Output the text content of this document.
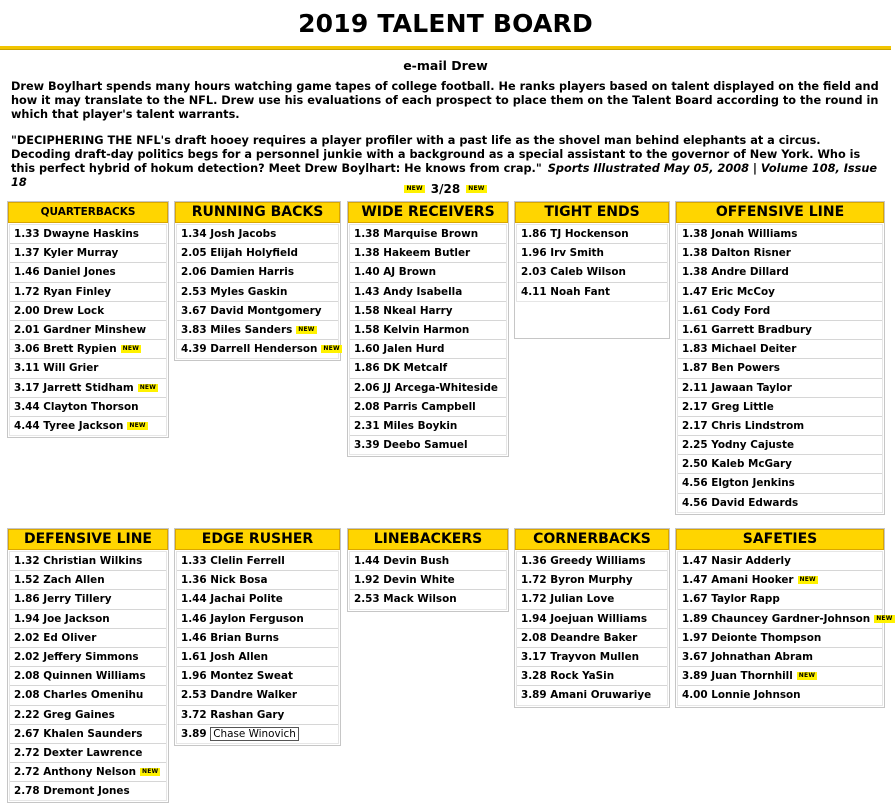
2019 TALENT BOARD
e-mail Drew
Drew Boylhart spends many hours watching game tapes of college football. He ranks players based on talent displayed on the field and how it may translate to the NFL. Drew use his evaluations of each prospect to place them on the Talent Board according to the round in which that player's talent warrants.
"DECIPHERING THE NFL's draft hooey requires a player profiler with a past life as the shovel man behind elephants at a circus. Decoding draft-day politics begs for a personnel junkie with a background as a special assistant to the governor of New York. Who is this perfect hybrid of hokum detection? Meet Drew Boylhart: He knows from crap." Sports Illustrated May 05, 2008 | Volume 108, Issue 18	NEW 3/28 NEW
QUARTERBACKS
1.33 Dwayne Haskins
1.37 Kyler Murray
1.46 Daniel Jones
1.72 Ryan Finley
2.00 Drew Lock
2.01 Gardner Minshew
3.06 Brett Rypien NEW
3.11 Will Grier
3.17 Jarrett Stidham NEW
3.44 Clayton Thorson
4.44 Tyree Jackson NEW
RUNNING BACKS
1.34 Josh Jacobs
2.05 Elijah Holyfield
2.06 Damien Harris
2.53 Myles Gaskin
3.67 David Montgomery
3.83 Miles Sanders NEW
4.39 Darrell Henderson NEW
WIDE RECEIVERS
1.38 Marquise Brown
1.38 Hakeem Butler
1.40 AJ Brown
1.43 Andy Isabella
1.58 Nkeal Harry
1.58 Kelvin Harmon
1.60 Jalen Hurd
1.86 DK Metcalf
2.06 JJ Arcega-Whiteside
2.08 Parris Campbell
2.31 Miles Boykin
3.39 Deebo Samuel
TIGHT ENDS
1.86 TJ Hockenson
1.96 Irv Smith
2.03 Caleb Wilson
4.11 Noah Fant
OFFENSIVE LINE
1.38 Jonah Williams
1.38 Dalton Risner
1.38 Andre Dillard
1.47 Eric McCoy
1.61 Cody Ford
1.61 Garrett Bradbury
1.83 Michael Deiter
1.87 Ben Powers
2.11 Jawaan Taylor
2.17 Greg Little
2.17 Chris Lindstrom
2.25 Yodny Cajuste
2.50 Kaleb McGary
4.56 Elgton Jenkins
4.56 David Edwards
DEFENSIVE LINE
1.32 Christian Wilkins
1.52 Zach Allen
1.86 Jerry Tillery
1.94 Joe Jackson
2.02 Ed Oliver
2.02 Jeffery Simmons
2.08 Quinnen Williams
2.08 Charles Omenihu
2.22 Greg Gaines
2.67 Khalen Saunders
2.72 Dexter Lawrence
2.72 Anthony Nelson NEW
2.78 Dremont Jones
EDGE RUSHER
1.33 Clelin Ferrell
1.36 Nick Bosa
1.44 Jachai Polite
1.46 Jaylon Ferguson
1.46 Brian Burns
1.61 Josh Allen
1.96 Montez Sweat
2.53 Dandre Walker
3.72 Rashan Gary
3.89 Chase Winovich
LINEBACKERS
1.44 Devin Bush
1.92 Devin White
2.53 Mack Wilson
CORNERBACKS
1.36 Greedy Williams
1.72 Byron Murphy
1.72 Julian Love
1.94 Joejuan Williams
2.08 Deandre Baker
3.17 Trayvon Mullen
3.28 Rock YaSin
3.89 Amani Oruwariye
SAFETIES
1.47 Nasir Adderly
1.47 Amani Hooker NEW
1.67 Taylor Rapp
1.89 Chauncey Gardner-Johnson NEW
1.97 Deionte Thompson
3.67 Johnathan Abram
3.89 Juan Thornhill NEW
4.00 Lonnie Johnson
